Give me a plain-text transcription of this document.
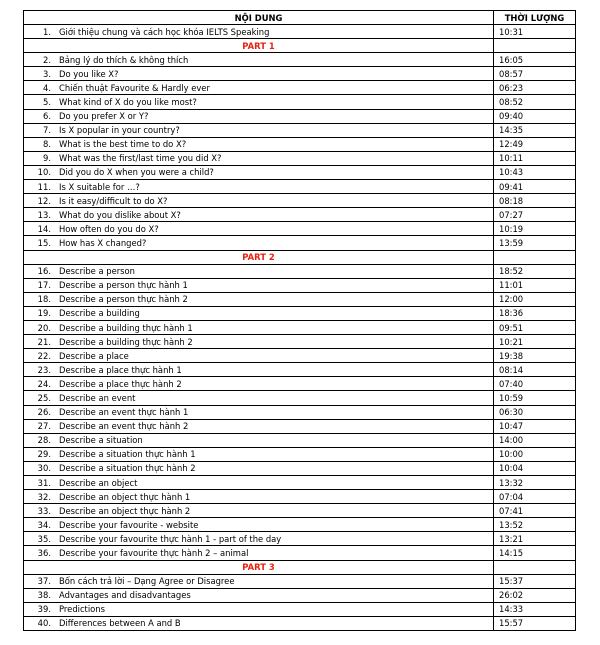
NỘI DUNG	THỜI LƯỢNG
1. Giới thiệu chung và cách học khóa IELTS Speaking	10:31
PART 1	
2. Bảng lý do thích & không thích	16:05
3. Do you like X?	08:57
4. Chiến thuật Favourite & Hardly ever	06:23
5. What kind of X do you like most?	08:52
6. Do you prefer X or Y?	09:40
7. Is X popular in your country?	14:35
8. What is the best time to do X?	12:49
9. What was the first/last time you did X?	10:11
10. Did you do X when you were a child?	10:43
11. Is X suitable for …?	09:41
12. Is it easy/difficult to do X?	08:18
13. What do you dislike about X?	07:27
14. How often do you do X?	10:19
15. How has X changed?	13:59
PART 2	
16. Describe a person	18:52
17. Describe a person thực hành 1	11:01
18. Describe a person thực hành 2	12:00
19. Describe a building	18:36
20. Describe a building thực hành 1	09:51
21. Describe a building thực hành 2	10:21
22. Describe a place	19:38
23. Describe a place thực hành 1	08:14
24. Describe a place thực hành 2	07:40
25. Describe an event	10:59
26. Describe an event thực hành 1	06:30
27. Describe an event thực hành 2	10:47
28. Describe a situation	14:00
29. Describe a situation thực hành 1	10:00
30. Describe a situation thực hành 2	10:04
31. Describe an object	13:32
32. Describe an object thực hành 1	07:04
33. Describe an object thực hành 2	07:41
34. Describe your favourite - website	13:52
35. Describe your favourite thực hành 1 - part of the day	13:21
36. Describe your favourite thực hành 2 – animal	14:15
PART 3	
37. Bốn cách trả lời – Dạng Agree or Disagree	15:37
38. Advantages and disadvantages	26:02
39. Predictions	14:33
40. Differences between A and B	15:57
